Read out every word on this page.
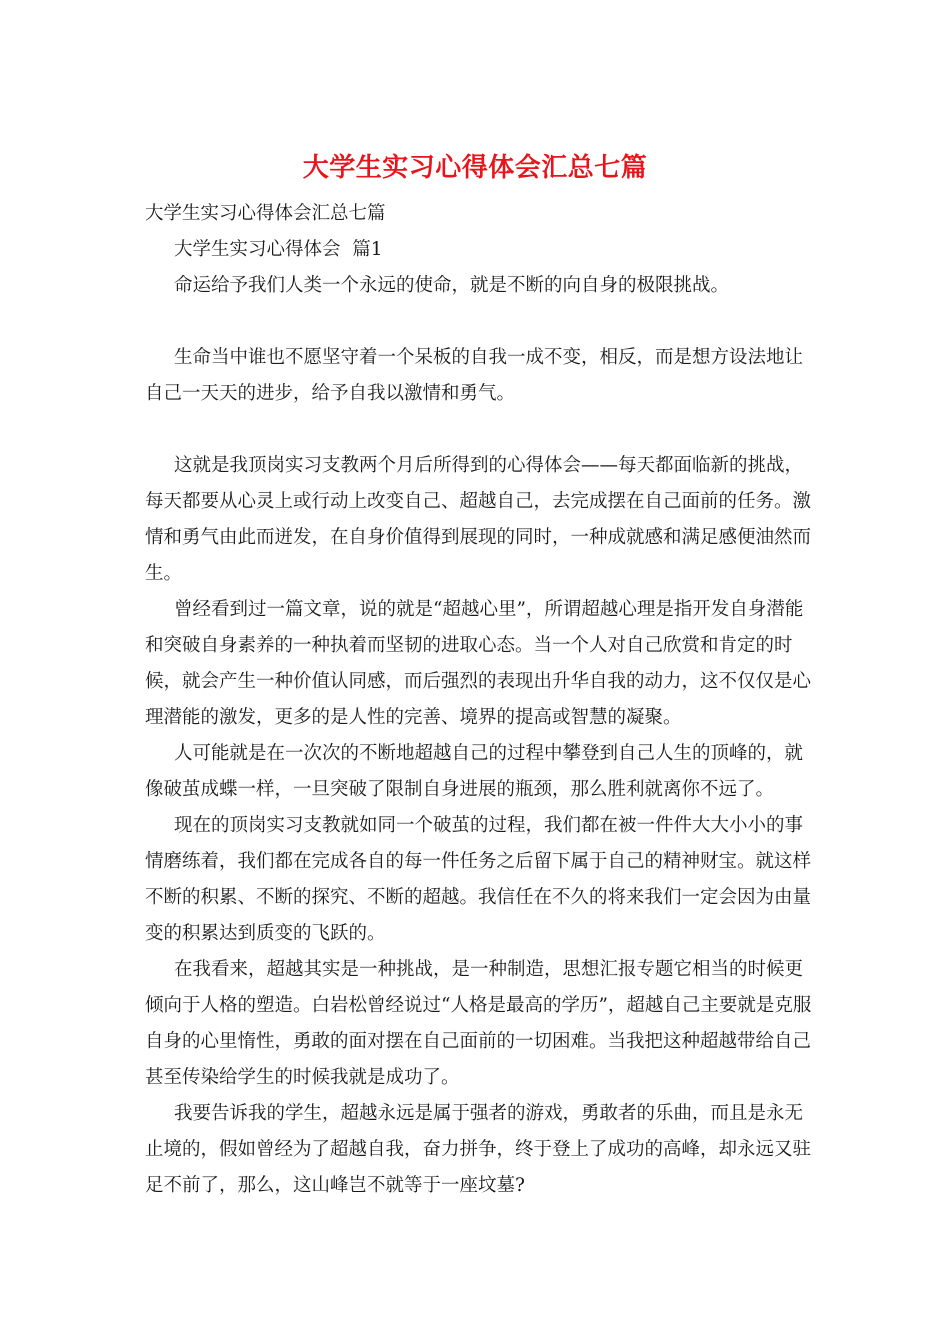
大学生实习心得体会汇总七篇

大学生实习心得体会汇总七篇

大学生实习心得体会  篇1

命运给予我们人类一个永远的使命，就是不断的向自身的极限挑战。

生命当中谁也不愿坚守着一个呆板的自我一成不变，相反，而是想方设法地让自己一天天的进步，给予自我以激情和勇气。

这就是我顶岗实习支教两个月后所得到的心得体会——每天都面临新的挑战，每天都要从心灵上或行动上改变自己、超越自己，去完成摆在自己面前的任务。激情和勇气由此而迸发，在自身价值得到展现的同时，一种成就感和满足感便油然而生。

曾经看到过一篇文章，说的就是“超越心里”，所谓超越心理是指开发自身潜能和突破自身素养的一种执着而坚韧的进取心态。当一个人对自己欣赏和肯定的时候，就会产生一种价值认同感，而后强烈的表现出升华自我的动力，这不仅仅是心理潜能的激发，更多的是人性的完善、境界的提高或智慧的凝聚。

人可能就是在一次次的不断地超越自己的过程中攀登到自己人生的顶峰的，就像破茧成蝶一样，一旦突破了限制自身进展的瓶颈，那么胜利就离你不远了。

现在的顶岗实习支教就如同一个破茧的过程，我们都在被一件件大大小小的事情磨练着，我们都在完成各自的每一件任务之后留下属于自己的精神财宝。就这样不断的积累、不断的探究、不断的超越。我信任在不久的将来我们一定会因为由量变的积累达到质变的飞跃的。

在我看来，超越其实是一种挑战，是一种制造，思想汇报专题它相当的时候更倾向于人格的塑造。白岩松曾经说过“人格是最高的学历”，超越自己主要就是克服自身的心里惰性，勇敢的面对摆在自己面前的一切困难。当我把这种超越带给自己甚至传染给学生的时候我就是成功了。

我要告诉我的学生，超越永远是属于强者的游戏，勇敢者的乐曲，而且是永无止境的，假如曾经为了超越自我，奋力拼争，终于登上了成功的高峰，却永远又驻足不前了，那么，这山峰岂不就等于一座坟墓?
